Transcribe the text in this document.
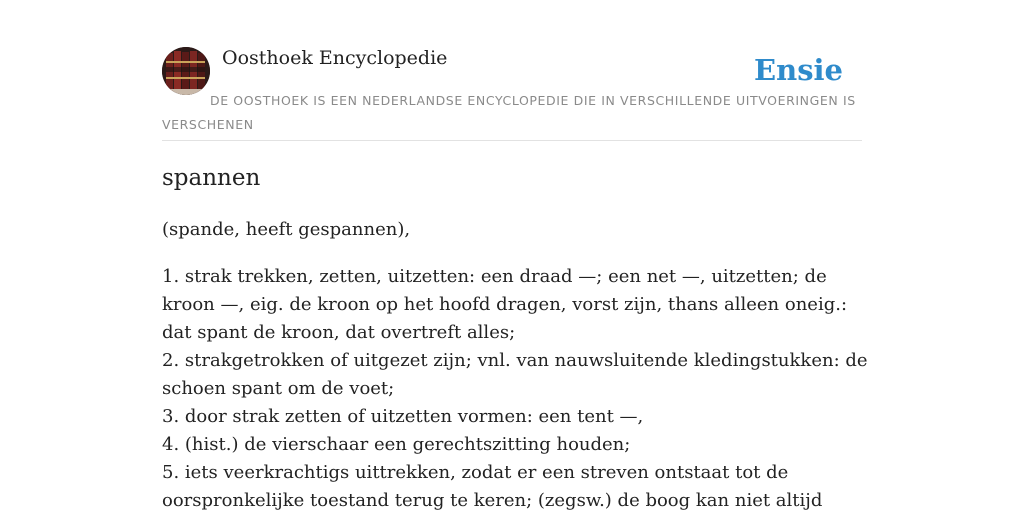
Oosthoek Encyclopedie	Ensie
DE OOSTHOEK IS EEN NEDERLANDSE ENCYCLOPEDIE DIE IN VERSCHILLENDE UITVOERINGEN IS VERSCHENEN
spannen

(spande, heeft gespannen),

1. strak trekken, zetten, uitzetten: een draad —; een net —, uitzetten; de kroon —, eig. de kroon op het hoofd dragen, vorst zijn, thans alleen oneig.: dat spant de kroon, dat overtreft alles;
2. strakgetrokken of uitgezet zijn; vnl. van nauwsluitende kledingstukken: de schoen spant om de voet;
3. door strak zetten of uitzetten vormen: een tent —,
4. (hist.) de vierschaar een gerechtszitting houden;
5. iets veerkrachtigs uittrekken, zodat er een streven ontstaat tot de oorspronkelijke toestand terug te keren; (zegsw.) de boog kan niet altijd
